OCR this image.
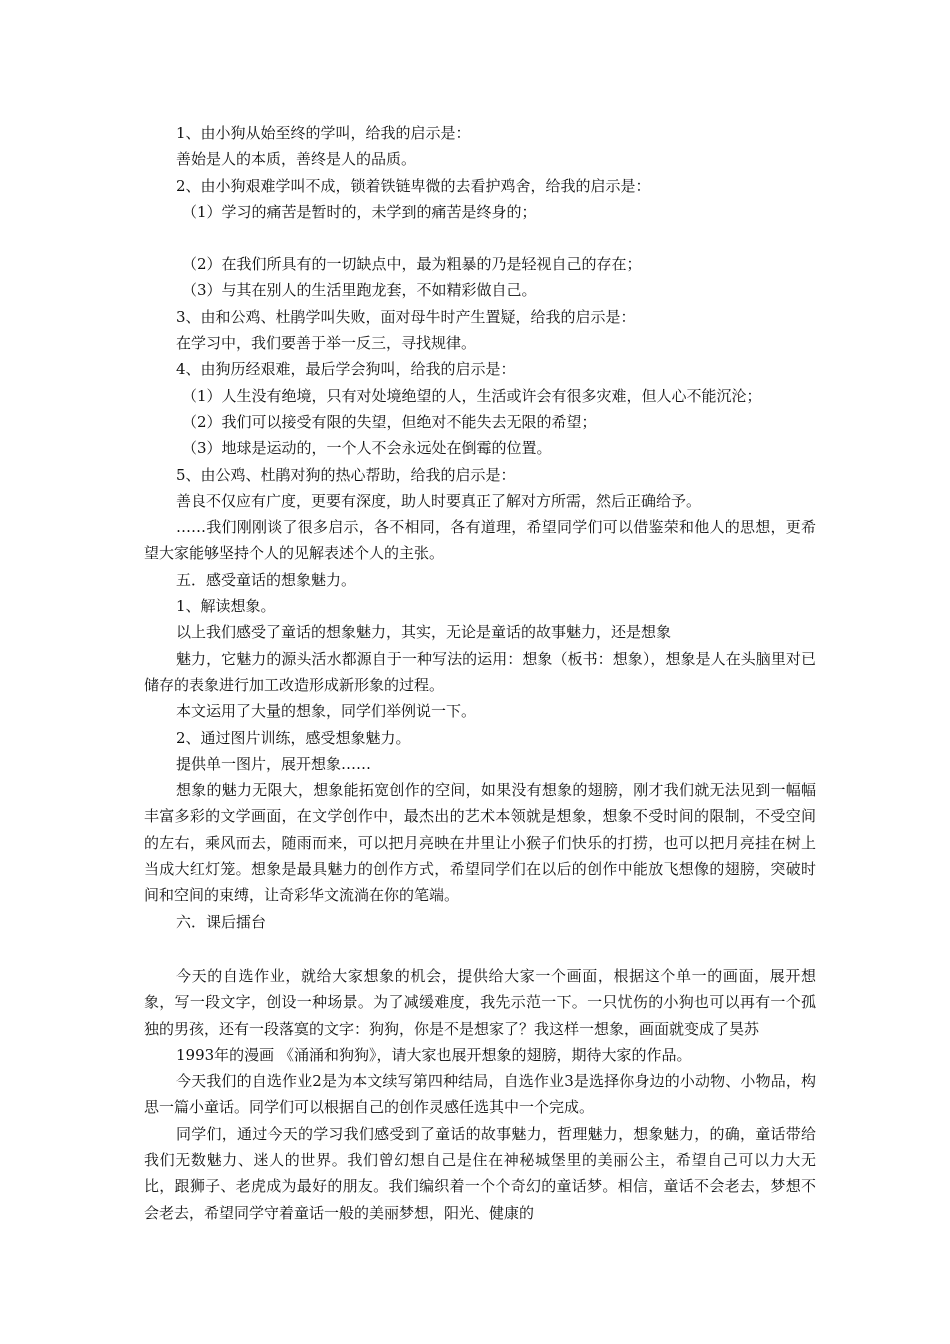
1、由小狗从始至终的学叫，给我的启示是：

善始是人的本质，善终是人的品质。

2、由小狗艰难学叫不成，锁着铁链卑微的去看护鸡舍，给我的启示是：

（1）学习的痛苦是暂时的，未学到的痛苦是终身的；

（2）在我们所具有的一切缺点中，最为粗暴的乃是轻视自己的存在；

（3）与其在别人的生活里跑龙套，不如精彩做自己。

3、由和公鸡、杜鹃学叫失败，面对母牛时产生置疑，给我的启示是：

在学习中，我们要善于举一反三，寻找规律。

4、由狗历经艰难，最后学会狗叫，给我的启示是：

（1）人生没有绝境，只有对处境绝望的人，生活或许会有很多灾难，但人心不能沉沦；

（2）我们可以接受有限的失望，但绝对不能失去无限的希望；

（3）地球是运动的，一个人不会永远处在倒霉的位置。

5、由公鸡、杜鹃对狗的热心帮助，给我的启示是：

善良不仅应有广度，更要有深度，助人时要真正了解对方所需，然后正确给予。

……我们刚刚谈了很多启示，各不相同，各有道理，希望同学们可以借鉴荣和他人的思想，更希望大家能够坚持个人的见解表述个人的主张。

五．感受童话的想象魅力。

1、解读想象。

以上我们感受了童话的想象魅力，其实，无论是童话的故事魅力，还是想象

魅力，它魅力的源头活水都源自于一种写法的运用：想象（板书：想象），想象是人在头脑里对已储存的表象进行加工改造形成新形象的过程。

本文运用了大量的想象，同学们举例说一下。

2、通过图片训练，感受想象魅力。

提供单一图片，展开想象……

想象的魅力无限大，想象能拓宽创作的空间，如果没有想象的翅膀，刚才我们就无法见到一幅幅丰富多彩的文学画面，在文学创作中，最杰出的艺术本领就是想象，想象不受时间的限制，不受空间的左右，乘风而去，随雨而来，可以把月亮映在井里让小猴子们快乐的打捞，也可以把月亮挂在树上当成大红灯笼。想象是最具魅力的创作方式，希望同学们在以后的创作中能放飞想像的翅膀，突破时间和空间的束缚，让奇彩华文流淌在你的笔端。

六．课后擂台

今天的自选作业，就给大家想象的机会，提供给大家一个画面，根据这个单一的画面，展开想象，写一段文字，创设一种场景。为了减缓难度，我先示范一下。一只忧伤的小狗也可以再有一个孤独的男孩，还有一段落寞的文字：狗狗，你是不是想家了？我这样一想象，画面就变成了昊苏

1993年的漫画 《涌涌和狗狗》，请大家也展开想象的翅膀，期待大家的作品。

今天我们的自选作业2是为本文续写第四种结局，自选作业3是选择你身边的小动物、小物品，构思一篇小童话。同学们可以根据自己的创作灵感任选其中一个完成。

同学们，通过今天的学习我们感受到了童话的故事魅力，哲理魅力，想象魅力，的确，童话带给我们无数魅力、迷人的世界。我们曾幻想自己是住在神秘城堡里的美丽公主，希望自己可以力大无比，跟狮子、老虎成为最好的朋友。我们编织着一个个奇幻的童话梦。相信，童话不会老去，梦想不会老去，希望同学守着童话一般的美丽梦想，阳光、健康的
